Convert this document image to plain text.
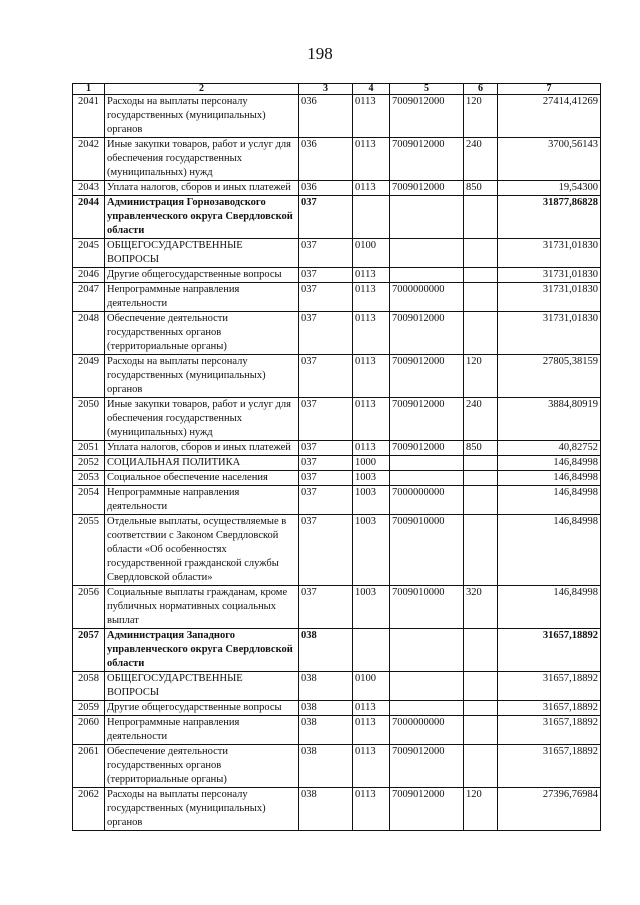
198
1	2	3	4	5	6	7
2041	Расходы на выплаты персоналу государственных (муниципальных) органов	036	0113	7009012000	120	27414,41269
2042	Иные закупки товаров, работ и услуг для обеспечения государственных (муниципальных) нужд	036	0113	7009012000	240	3700,56143
2043	Уплата налогов, сборов и иных платежей	036	0113	7009012000	850	19,54300
2044	Администрация Горнозаводского управленческого округа Свердловской области	037				31877,86828
2045	ОБЩЕГОСУДАРСТВЕННЫЕ ВОПРОСЫ	037	0100			31731,01830
2046	Другие общегосударственные вопросы	037	0113			31731,01830
2047	Непрограммные направления деятельности	037	0113	7000000000		31731,01830
2048	Обеспечение деятельности государственных органов (территориальные органы)	037	0113	7009012000		31731,01830
2049	Расходы на выплаты персоналу государственных (муниципальных) органов	037	0113	7009012000	120	27805,38159
2050	Иные закупки товаров, работ и услуг для обеспечения государственных (муниципальных) нужд	037	0113	7009012000	240	3884,80919
2051	Уплата налогов, сборов и иных платежей	037	0113	7009012000	850	40,82752
2052	СОЦИАЛЬНАЯ ПОЛИТИКА	037	1000			146,84998
2053	Социальное обеспечение населения	037	1003			146,84998
2054	Непрограммные направления деятельности	037	1003	7000000000		146,84998
2055	Отдельные выплаты, осуществляемые в соответствии с Законом Свердловской области «Об особенностях государственной гражданской службы Свердловской области»	037	1003	7009010000		146,84998
2056	Социальные выплаты гражданам, кроме публичных нормативных социальных выплат	037	1003	7009010000	320	146,84998
2057	Администрация Западного управленческого округа Свердловской области	038				31657,18892
2058	ОБЩЕГОСУДАРСТВЕННЫЕ ВОПРОСЫ	038	0100			31657,18892
2059	Другие общегосударственные вопросы	038	0113			31657,18892
2060	Непрограммные направления деятельности	038	0113	7000000000		31657,18892
2061	Обеспечение деятельности государственных органов (территориальные органы)	038	0113	7009012000		31657,18892
2062	Расходы на выплаты персоналу государственных (муниципальных) органов	038	0113	7009012000	120	27396,76984
